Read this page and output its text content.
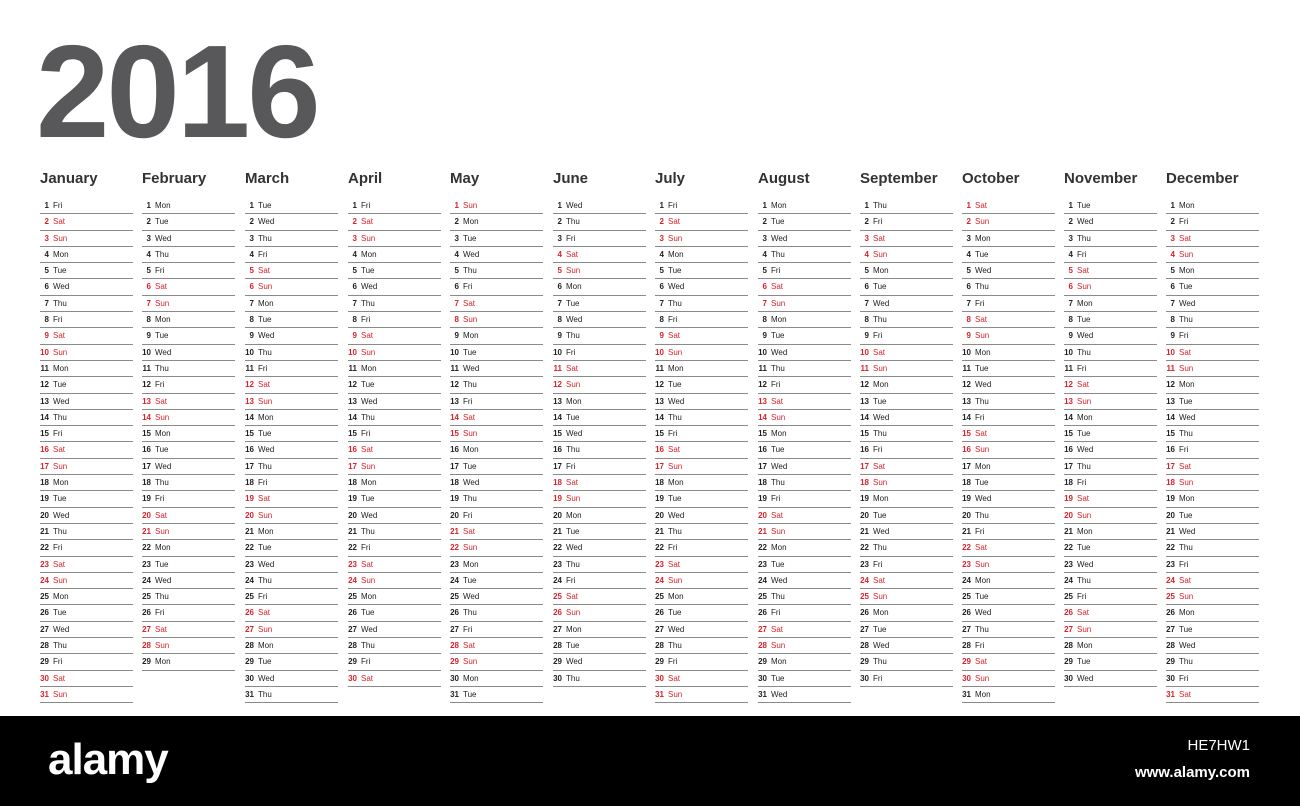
2016
January
1 Fri
2 Sat
3 Sun
4 Mon
5 Tue
6 Wed
7 Thu
8 Fri
9 Sat
10 Sun
11 Mon
12 Tue
13 Wed
14 Thu
15 Fri
16 Sat
17 Sun
18 Mon
19 Tue
20 Wed
21 Thu
22 Fri
23 Sat
24 Sun
25 Mon
26 Tue
27 Wed
28 Thu
29 Fri
30 Sat
31 Sun
February
1 Mon
2 Tue
3 Wed
4 Thu
5 Fri
6 Sat
7 Sun
8 Mon
9 Tue
10 Wed
11 Thu
12 Fri
13 Sat
14 Sun
15 Mon
16 Tue
17 Wed
18 Thu
19 Fri
20 Sat
21 Sun
22 Mon
23 Tue
24 Wed
25 Thu
26 Fri
27 Sat
28 Sun
29 Mon
March
1 Tue
2 Wed
3 Thu
4 Fri
5 Sat
6 Sun
7 Mon
8 Tue
9 Wed
10 Thu
11 Fri
12 Sat
13 Sun
14 Mon
15 Tue
16 Wed
17 Thu
18 Fri
19 Sat
20 Sun
21 Mon
22 Tue
23 Wed
24 Thu
25 Fri
26 Sat
27 Sun
28 Mon
29 Tue
30 Wed
31 Thu
April
1 Fri
2 Sat
3 Sun
4 Mon
5 Tue
6 Wed
7 Thu
8 Fri
9 Sat
10 Sun
11 Mon
12 Tue
13 Wed
14 Thu
15 Fri
16 Sat
17 Sun
18 Mon
19 Tue
20 Wed
21 Thu
22 Fri
23 Sat
24 Sun
25 Mon
26 Tue
27 Wed
28 Thu
29 Fri
30 Sat
May
1 Sun
2 Mon
3 Tue
4 Wed
5 Thu
6 Fri
7 Sat
8 Sun
9 Mon
10 Tue
11 Wed
12 Thu
13 Fri
14 Sat
15 Sun
16 Mon
17 Tue
18 Wed
19 Thu
20 Fri
21 Sat
22 Sun
23 Mon
24 Tue
25 Wed
26 Thu
27 Fri
28 Sat
29 Sun
30 Mon
31 Tue
June
1 Wed
2 Thu
3 Fri
4 Sat
5 Sun
6 Mon
7 Tue
8 Wed
9 Thu
10 Fri
11 Sat
12 Sun
13 Mon
14 Tue
15 Wed
16 Thu
17 Fri
18 Sat
19 Sun
20 Mon
21 Tue
22 Wed
23 Thu
24 Fri
25 Sat
26 Sun
27 Mon
28 Tue
29 Wed
30 Thu
July
1 Fri
2 Sat
3 Sun
4 Mon
5 Tue
6 Wed
7 Thu
8 Fri
9 Sat
10 Sun
11 Mon
12 Tue
13 Wed
14 Thu
15 Fri
16 Sat
17 Sun
18 Mon
19 Tue
20 Wed
21 Thu
22 Fri
23 Sat
24 Sun
25 Mon
26 Tue
27 Wed
28 Thu
29 Fri
30 Sat
31 Sun
August
1 Mon
2 Tue
3 Wed
4 Thu
5 Fri
6 Sat
7 Sun
8 Mon
9 Tue
10 Wed
11 Thu
12 Fri
13 Sat
14 Sun
15 Mon
16 Tue
17 Wed
18 Thu
19 Fri
20 Sat
21 Sun
22 Mon
23 Tue
24 Wed
25 Thu
26 Fri
27 Sat
28 Sun
29 Mon
30 Tue
31 Wed
September
1 Thu
2 Fri
3 Sat
4 Sun
5 Mon
6 Tue
7 Wed
8 Thu
9 Fri
10 Sat
11 Sun
12 Mon
13 Tue
14 Wed
15 Thu
16 Fri
17 Sat
18 Sun
19 Mon
20 Tue
21 Wed
22 Thu
23 Fri
24 Sat
25 Sun
26 Mon
27 Tue
28 Wed
29 Thu
30 Fri
October
1 Sat
2 Sun
3 Mon
4 Tue
5 Wed
6 Thu
7 Fri
8 Sat
9 Sun
10 Mon
11 Tue
12 Wed
13 Thu
14 Fri
15 Sat
16 Sun
17 Mon
18 Tue
19 Wed
20 Thu
21 Fri
22 Sat
23 Sun
24 Mon
25 Tue
26 Wed
27 Thu
28 Fri
29 Sat
30 Sun
31 Mon
November
1 Tue
2 Wed
3 Thu
4 Fri
5 Sat
6 Sun
7 Mon
8 Tue
9 Wed
10 Thu
11 Fri
12 Sat
13 Sun
14 Mon
15 Tue
16 Wed
17 Thu
18 Fri
19 Sat
20 Sun
21 Mon
22 Tue
23 Wed
24 Thu
25 Fri
26 Sat
27 Sun
28 Mon
29 Tue
30 Wed
December
1 Mon
2 Fri
3 Sat
4 Sun
5 Mon
6 Tue
7 Wed
8 Thu
9 Fri
10 Sat
11 Sun
12 Mon
13 Tue
14 Wed
15 Thu
16 Fri
17 Sat
18 Sun
19 Mon
20 Tue
21 Wed
22 Thu
23 Fri
24 Sat
25 Sun
26 Mon
27 Tue
28 Wed
29 Thu
30 Fri
31 Sat
alamy	HE7HW1
www.alamy.com
